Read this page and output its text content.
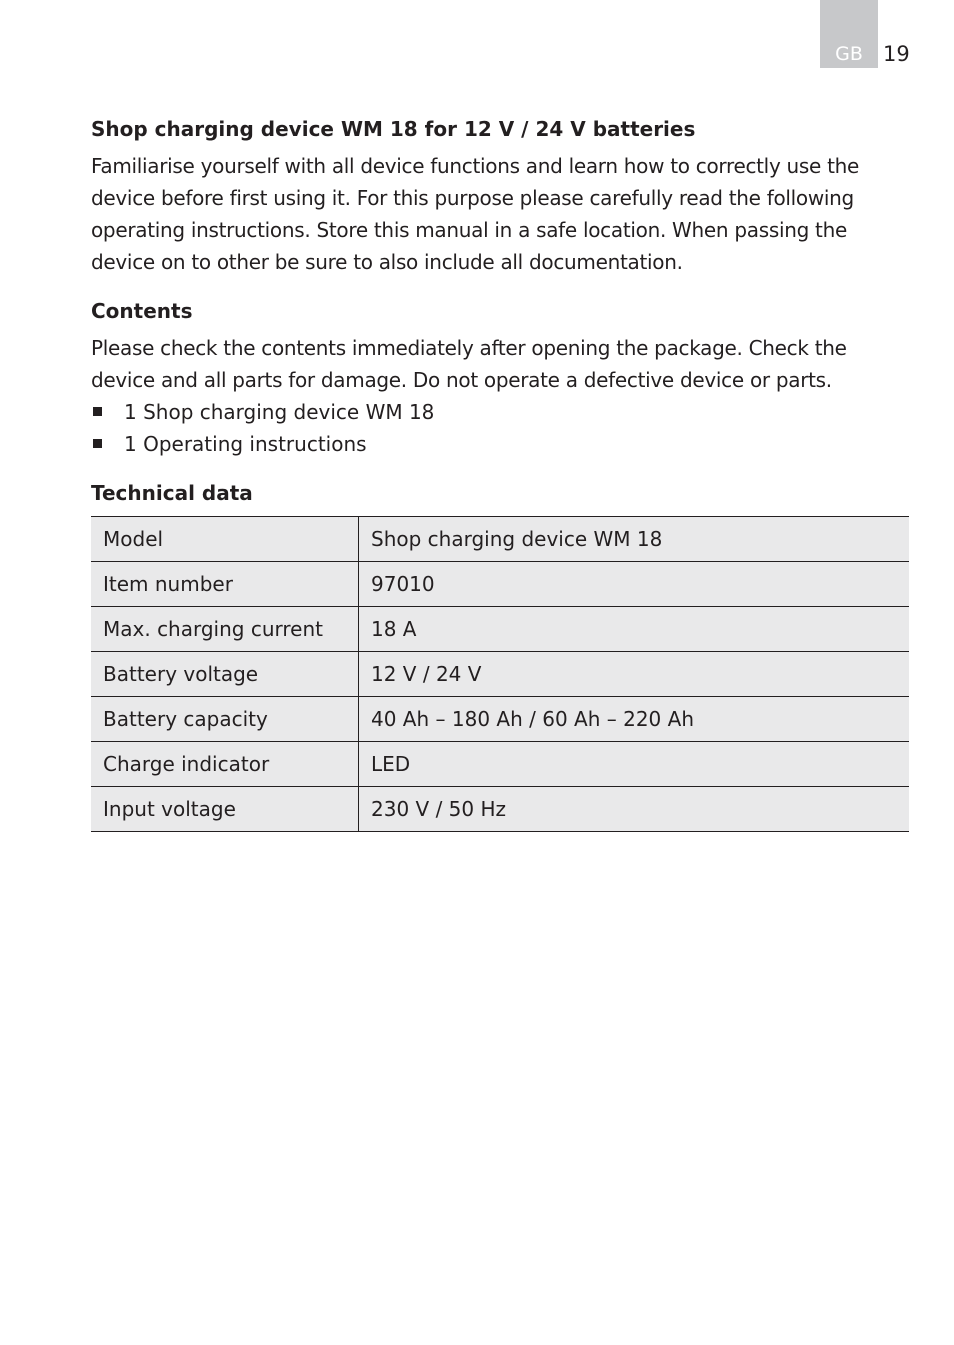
GB 19
Shop charging device WM 18 for 12 V / 24 V batteries

Familiarise yourself with all device functions and learn how to correctly use the device before first using it. For this purpose please carefully read the following operating instructions. Store this manual in a safe location. When passing the device on to other be sure to also include all documentation.

Contents

Please check the contents immediately after opening the package. Check the device and all parts for damage. Do not operate a defective device or parts.

1 Shop charging device WM 18
1 Operating instructions
Technical data
Model	Shop charging device WM 18
Item number	97010
Max. charging current	18 A
Battery voltage	12 V / 24 V
Battery capacity	40 Ah – 180 Ah / 60 Ah – 220 Ah
Charge indicator	LED
Input voltage	230 V / 50 Hz
